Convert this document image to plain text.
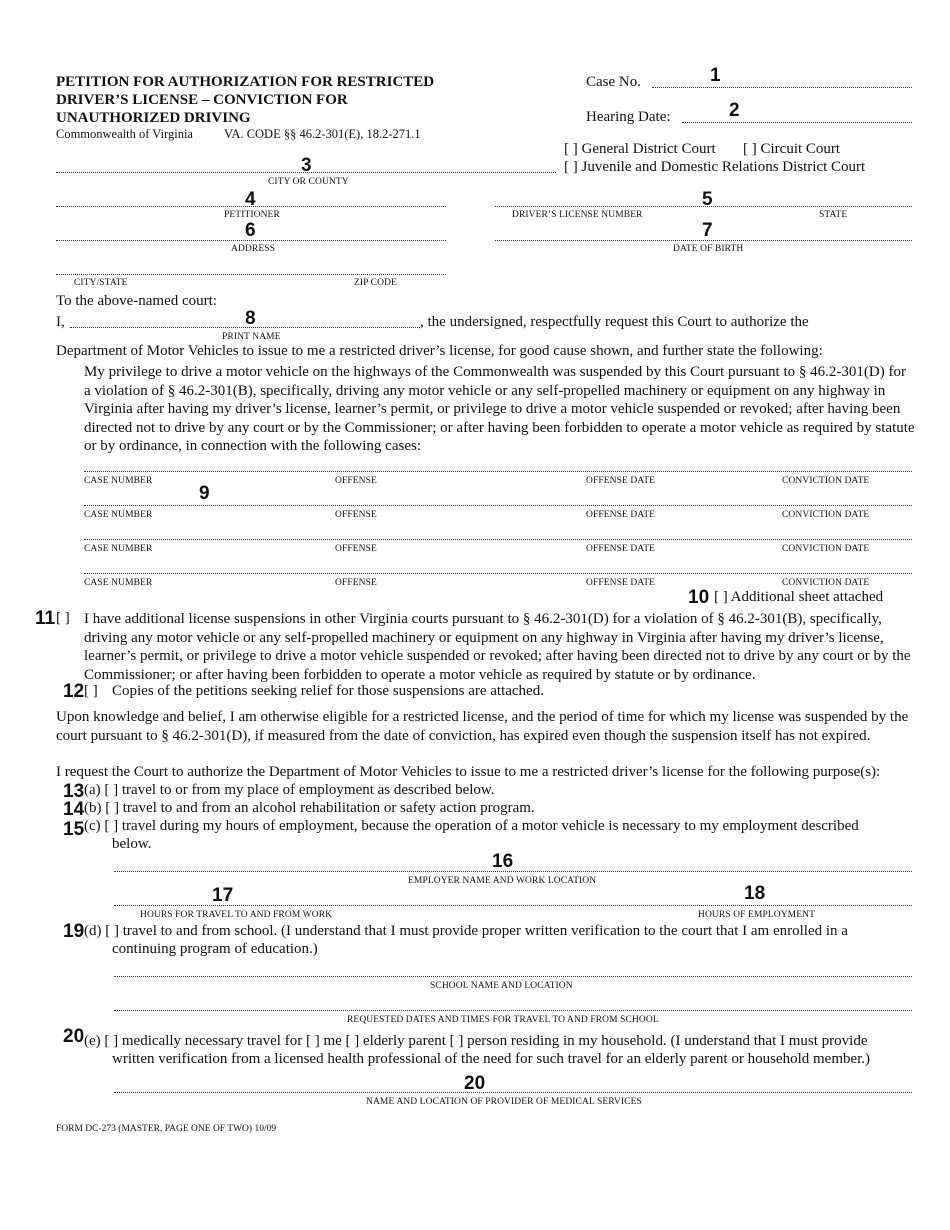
PETITION FOR AUTHORIZATION FOR RESTRICTED
DRIVER’S LICENSE – CONVICTION FOR
UNAUTHORIZED DRIVING
Commonwealth of Virginia VA. CODE §§ 46.2-301(E), 18.2-271.1
Case No.	1
Hearing Date:	2
[ ] General District Court [ ] Circuit Court
[ ] Juvenile and Domestic Relations District Court
3
CITY OR COUNTY
4
PETITIONER
5
DRIVER’S LICENSE NUMBER	STATE
6
ADDRESS
7
DATE OF BIRTH
CITY/STATE	ZIP CODE
To the above-named court:
I,	8	, the undersigned, respectfully request this Court to authorize the
PRINT NAME
Department of Motor Vehicles to issue to me a restricted driver’s license, for good cause shown, and further state the following:
My privilege to drive a motor vehicle on the highways of the Commonwealth was suspended by this Court pursuant to § 46.2-301(D) for a violation of § 46.2-301(B), specifically, driving any motor vehicle or any self-propelled machinery or equipment on any highway in Virginia after having my driver’s license, learner’s permit, or privilege to drive a motor vehicle suspended or revoked; after having been directed not to drive by any court or by the Commissioner; or after having been forbidden to operate a motor vehicle as required by statute or by ordinance, in connection with the following cases:
CASE NUMBER	OFFENSE	OFFENSE DATE	CONVICTION DATE
9
CASE NUMBER	OFFENSE	OFFENSE DATE	CONVICTION DATE
CASE NUMBER	OFFENSE	OFFENSE DATE	CONVICTION DATE
CASE NUMBER	OFFENSE	OFFENSE DATE	CONVICTION DATE
10 [ ] Additional sheet attached
11 [ ] I have additional license suspensions in other Virginia courts pursuant to § 46.2-301(D) for a violation of § 46.2-301(B), specifically, driving any motor vehicle or any self-propelled machinery or equipment on any highway in Virginia after having my driver’s license, learner’s permit, or privilege to drive a motor vehicle suspended or revoked; after having been directed not to drive by any court or by the Commissioner; or after having been forbidden to operate a motor vehicle as required by statute or by ordinance.
12 [ ] Copies of the petitions seeking relief for those suspensions are attached.
Upon knowledge and belief, I am otherwise eligible for a restricted license, and the period of time for which my license was suspended by the court pursuant to § 46.2-301(D), if measured from the date of conviction, has expired even though the suspension itself has not expired.
I request the Court to authorize the Department of Motor Vehicles to issue to me a restricted driver’s license for the following purpose(s):
13 (a) [ ] travel to or from my place of employment as described below.
14 (b) [ ] travel to and from an alcohol rehabilitation or safety action program.
15 (c) [ ] travel during my hours of employment, because the operation of a motor vehicle is necessary to my employment described
below.
16
EMPLOYER NAME AND WORK LOCATION
17	18
HOURS FOR TRAVEL TO AND FROM WORK	HOURS OF EMPLOYMENT
19 (d) [ ] travel to and from school. (I understand that I must provide proper written verification to the court that I am enrolled in a
continuing program of education.)
SCHOOL NAME AND LOCATION
REQUESTED DATES AND TIMES FOR TRAVEL TO AND FROM SCHOOL
20 (e) [ ] medically necessary travel for [ ] me [ ] elderly parent [ ] person residing in my household. (I understand that I must provide
written verification from a licensed health professional of the need for such travel for an elderly parent or household member.)
20
NAME AND LOCATION OF PROVIDER OF MEDICAL SERVICES
FORM DC-273 (MASTER, PAGE ONE OF TWO) 10/09
